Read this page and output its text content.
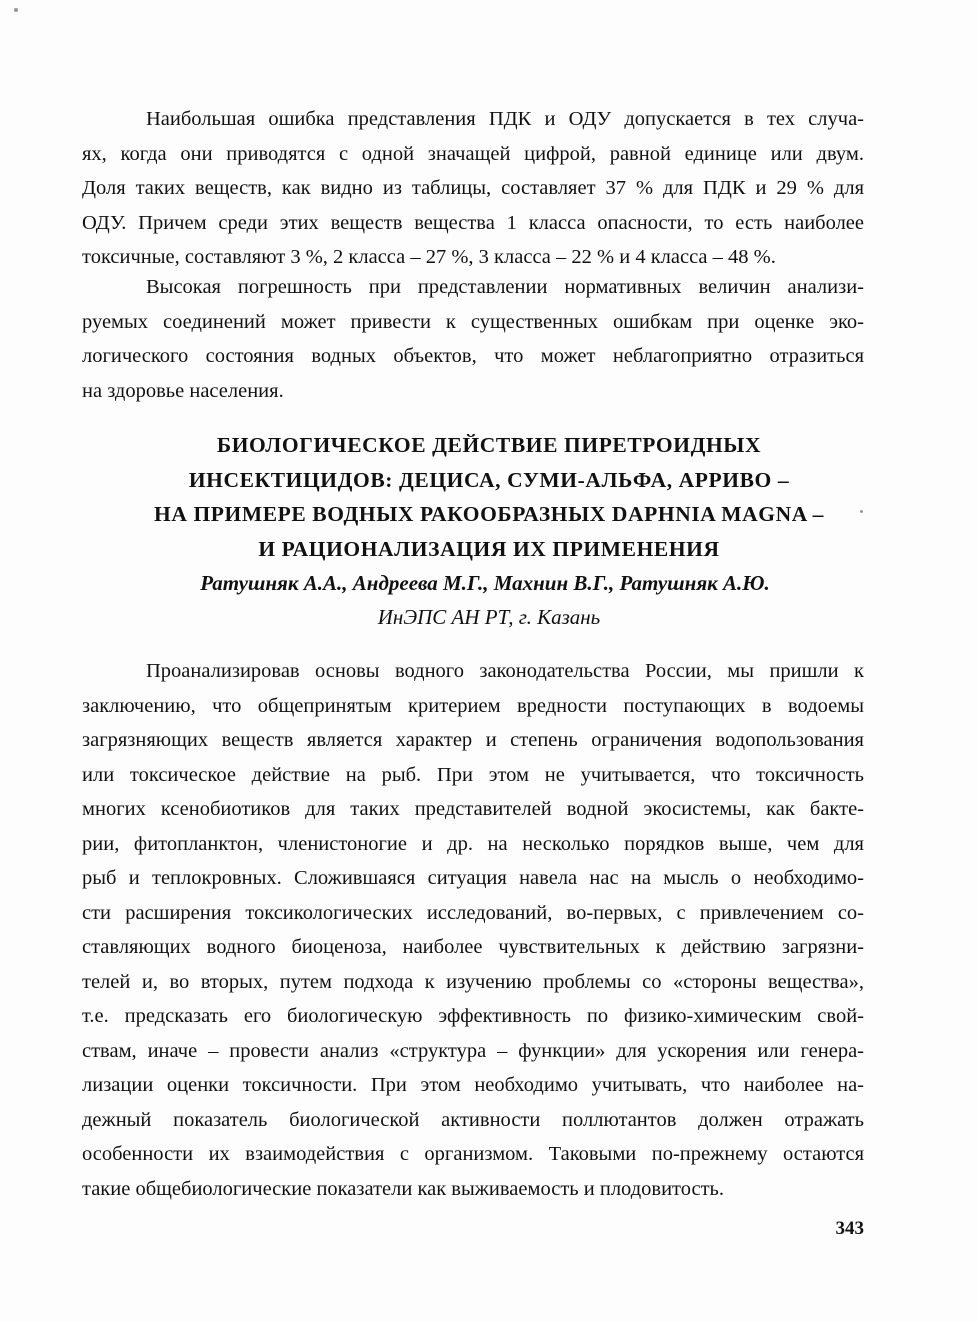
Наибольшая ошибка представления ПДК и ОДУ допускается в тех случа-
ях, когда они приводятся с одной значащей цифрой, равной единице или двум.
Доля таких веществ, как видно из таблицы, составляет 37 % для ПДК и 29 % для
ОДУ. Причем среди этих веществ вещества 1 класса опасности, то есть наиболее
токсичные, составляют 3 %, 2 класса – 27 %, 3 класса – 22 % и 4 класса – 48 %.
Высокая погрешность при представлении нормативных величин анализи-
руемых соединений может привести к существенных ошибкам при оценке эко-
логического состояния водных объектов, что может неблагоприятно отразиться
на здоровье населения.
БИОЛОГИЧЕСКОЕ ДЕЙСТВИЕ ПИРЕТРОИДНЫХ
ИНСЕКТИЦИДОВ: ДЕЦИСА, СУМИ-АЛЬФА, АРРИВО –
НА ПРИМЕРЕ ВОДНЫХ РАКООБРАЗНЫХ DAPHNIA MAGNA –
И РАЦИОНАЛИЗАЦИЯ ИХ ПРИМЕНЕНИЯ
Ратушняк А.А., Андреева М.Г., Махнин В.Г., Ратушняк А.Ю.
ИнЭПС АН РТ, г. Казань
Проанализировав основы водного законодательства России, мы пришли к
заключению, что общепринятым критерием вредности поступающих в водоемы
загрязняющих веществ является характер и степень ограничения водопользования
или токсическое действие на рыб. При этом не учитывается, что токсичность
многих ксенобиотиков для таких представителей водной экосистемы, как бакте-
рии, фитопланктон, членистоногие и др. на несколько порядков выше, чем для
рыб и теплокровных. Сложившаяся ситуация навела нас на мысль о необходимо-
сти расширения токсикологических исследований, во-первых, с привлечением со-
ставляющих водного биоценоза, наиболее чувствительных к действию загрязни-
телей и, во вторых, путем подхода к изучению проблемы со «стороны вещества»,
т.е. предсказать его биологическую эффективность по физико-химическим свой-
ствам, иначе – провести анализ «структура – функции» для ускорения или генера-
лизации оценки токсичности. При этом необходимо учитывать, что наиболее на-
дежный показатель биологической активности поллютантов должен отражать
особенности их взаимодействия с организмом. Таковыми по-прежнему остаются
такие общебиологические показатели как выживаемость и плодовитость.
343
